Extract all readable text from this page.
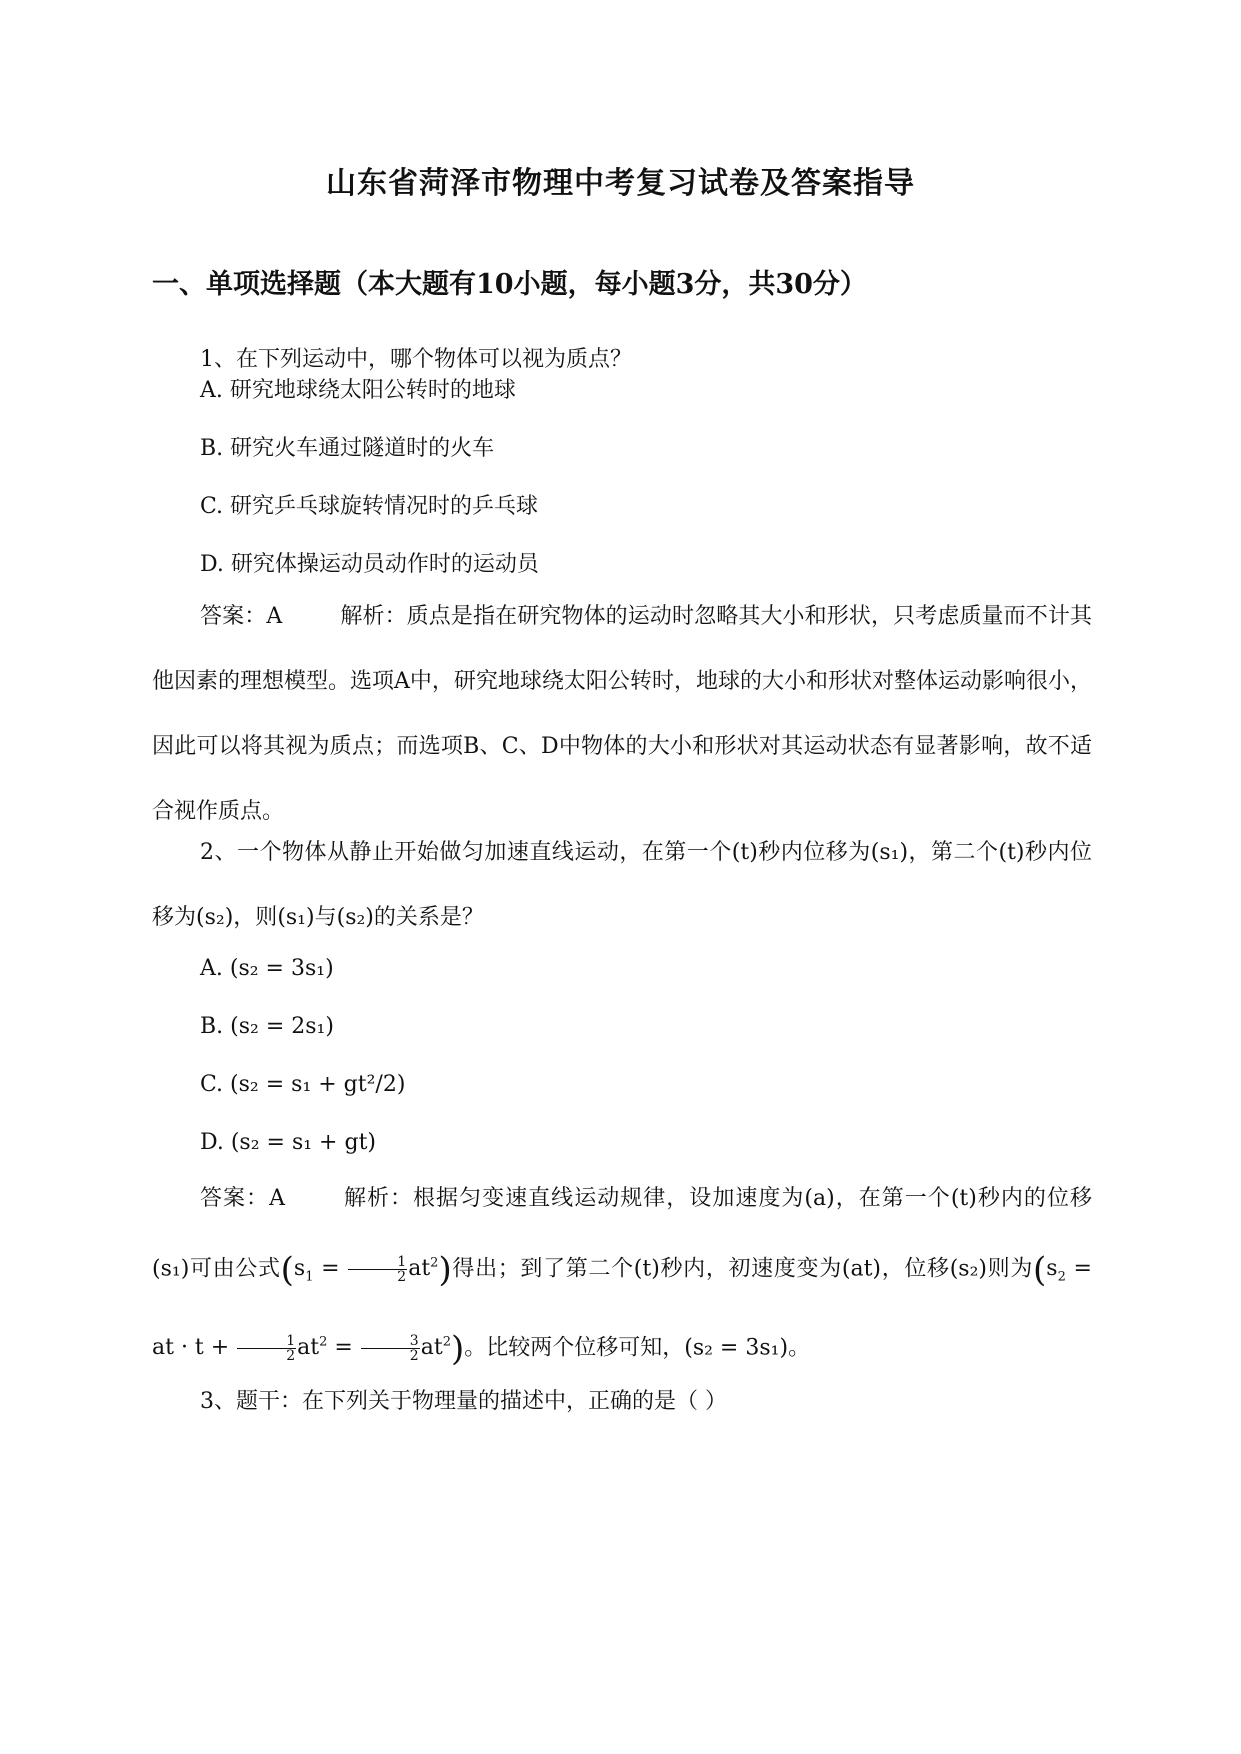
山东省菏泽市物理中考复习试卷及答案指导
一、单项选择题（本大题有10小题，每小题3分，共30分）
1、在下列运动中，哪个物体可以视为质点？
A. 研究地球绕太阳公转时的地球
B. 研究火车通过隧道时的火车
C. 研究乒乓球旋转情况时的乒乓球
D. 研究体操运动员动作时的运动员
答案：A	解析：质点是指在研究物体的运动时忽略其大小和形状，只考虑质量而不计其他因素的理想模型。选项A中，研究地球绕太阳公转时，地球的大小和形状对整体运动影响很小，因此可以将其视为质点；而选项B、C、D中物体的大小和形状对其运动状态有显著影响，故不适合视作质点。
2、一个物体从静止开始做匀加速直线运动，在第一个(t)秒内位移为(s₁)，第二个(t)秒内位移为(s₂)，则(s₁)与(s₂)的关系是？
A. (s₂ = 3s₁)
B. (s₂ = 2s₁)
C. (s₂ = s₁ + gt²/2)
D. (s₂ = s₁ + gt)
答案：A	解析：根据匀变速直线运动规律，设加速度为(a)，在第一个(t)秒内的位移(s₁)可由公式$(s_1 = \frac{1}{2} at^2)$得出；到了第二个(t)秒内，初速度变为(at)，位移(s₂)则为($s_2$ = at · $t + \frac{1}{2} at^2 = \frac{3}{2} at^2$)。比较两个位移可知，(s₂ = 3s₁)。
3、题干：在下列关于物理量的描述中，正确的是（ ）
